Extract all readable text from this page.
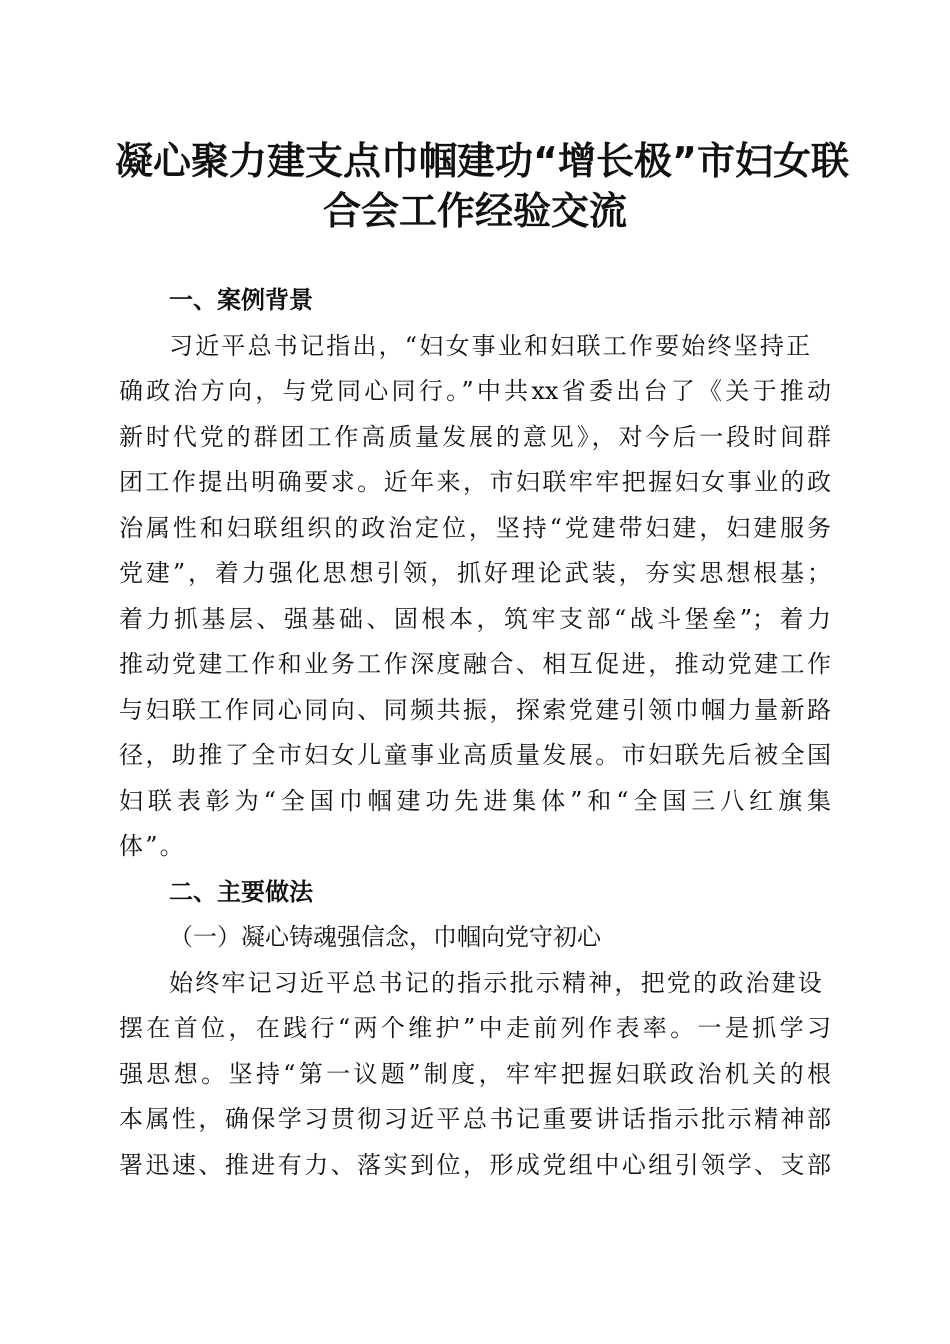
凝心聚力建支点巾帼建功“增长极”市妇女联
合会工作经验交流

一、案例背景

习近平总书记指出，“妇女事业和妇联工作要始终坚持正
确政治方向，与党同心同行。”中共xx省委出台了《关于推动
新时代党的群团工作高质量发展的意见》，对今后一段时间群
团工作提出明确要求。近年来，市妇联牢牢把握妇女事业的政
治属性和妇联组织的政治定位，坚持“党建带妇建，妇建服务
党建”，着力强化思想引领，抓好理论武装，夯实思想根基；
着力抓基层、强基础、固根本，筑牢支部“战斗堡垒”；着力
推动党建工作和业务工作深度融合、相互促进，推动党建工作
与妇联工作同心同向、同频共振，探索党建引领巾帼力量新路
径，助推了全市妇女儿童事业高质量发展。市妇联先后被全国
妇联表彰为“全国巾帼建功先进集体”和“全国三八红旗集
体”。

二、主要做法

（一）凝心铸魂强信念，巾帼向党守初心

始终牢记习近平总书记的指示批示精神，把党的政治建设
摆在首位，在践行“两个维护”中走前列作表率。一是抓学习
强思想。坚持“第一议题”制度，牢牢把握妇联政治机关的根
本属性，确保学习贯彻习近平总书记重要讲话指示批示精神部
署迅速、推进有力、落实到位，形成党组中心组引领学、支部
